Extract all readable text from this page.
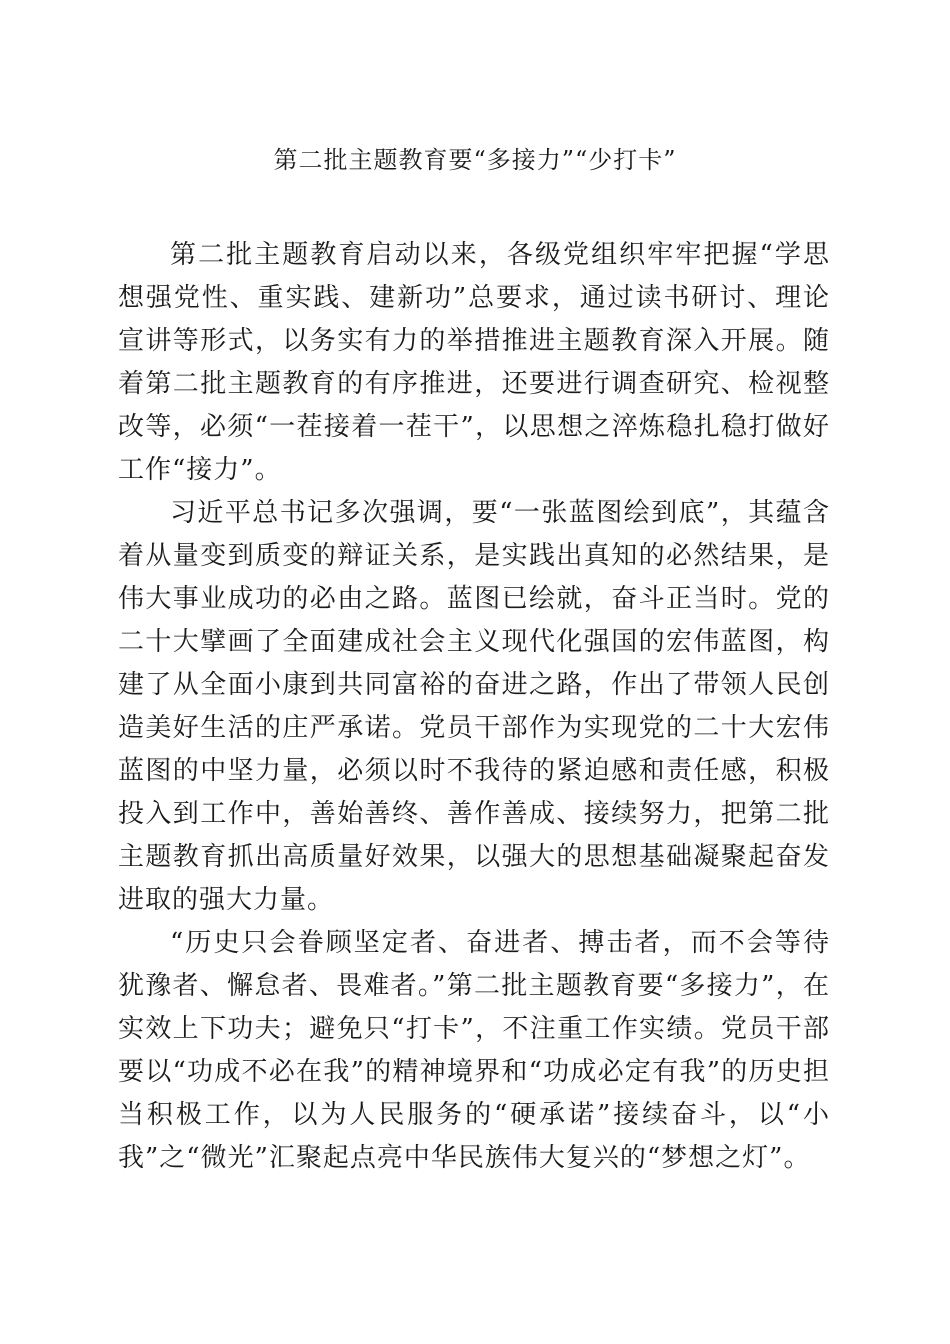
第二批主题教育要“多接力”“少打卡”

第二批主题教育启动以来，各级党组织牢牢把握“学思想强党性、重实践、建新功”总要求，通过读书研讨、理论宣讲等形式，以务实有力的举措推进主题教育深入开展。随着第二批主题教育的有序推进，还要进行调查研究、检视整改等，必须“一茬接着一茬干”，以思想之淬炼稳扎稳打做好工作“接力”。

习近平总书记多次强调，要“一张蓝图绘到底”，其蕴含着从量变到质变的辩证关系，是实践出真知的必然结果，是伟大事业成功的必由之路。蓝图已绘就，奋斗正当时。党的二十大擘画了全面建成社会主义现代化强国的宏伟蓝图，构建了从全面小康到共同富裕的奋进之路，作出了带领人民创造美好生活的庄严承诺。党员干部作为实现党的二十大宏伟蓝图的中坚力量，必须以时不我待的紧迫感和责任感，积极投入到工作中，善始善终、善作善成、接续努力，把第二批主题教育抓出高质量好效果，以强大的思想基础凝聚起奋发进取的强大力量。

“历史只会眷顾坚定者、奋进者、搏击者，而不会等待犹豫者、懈怠者、畏难者。”第二批主题教育要“多接力”，在实效上下功夫；避免只“打卡”，不注重工作实绩。党员干部要以“功成不必在我”的精神境界和“功成必定有我”的历史担当积极工作，以为人民服务的“硬承诺”接续奋斗，以“小我”之“微光”汇聚起点亮中华民族伟大复兴的“梦想之灯”。
